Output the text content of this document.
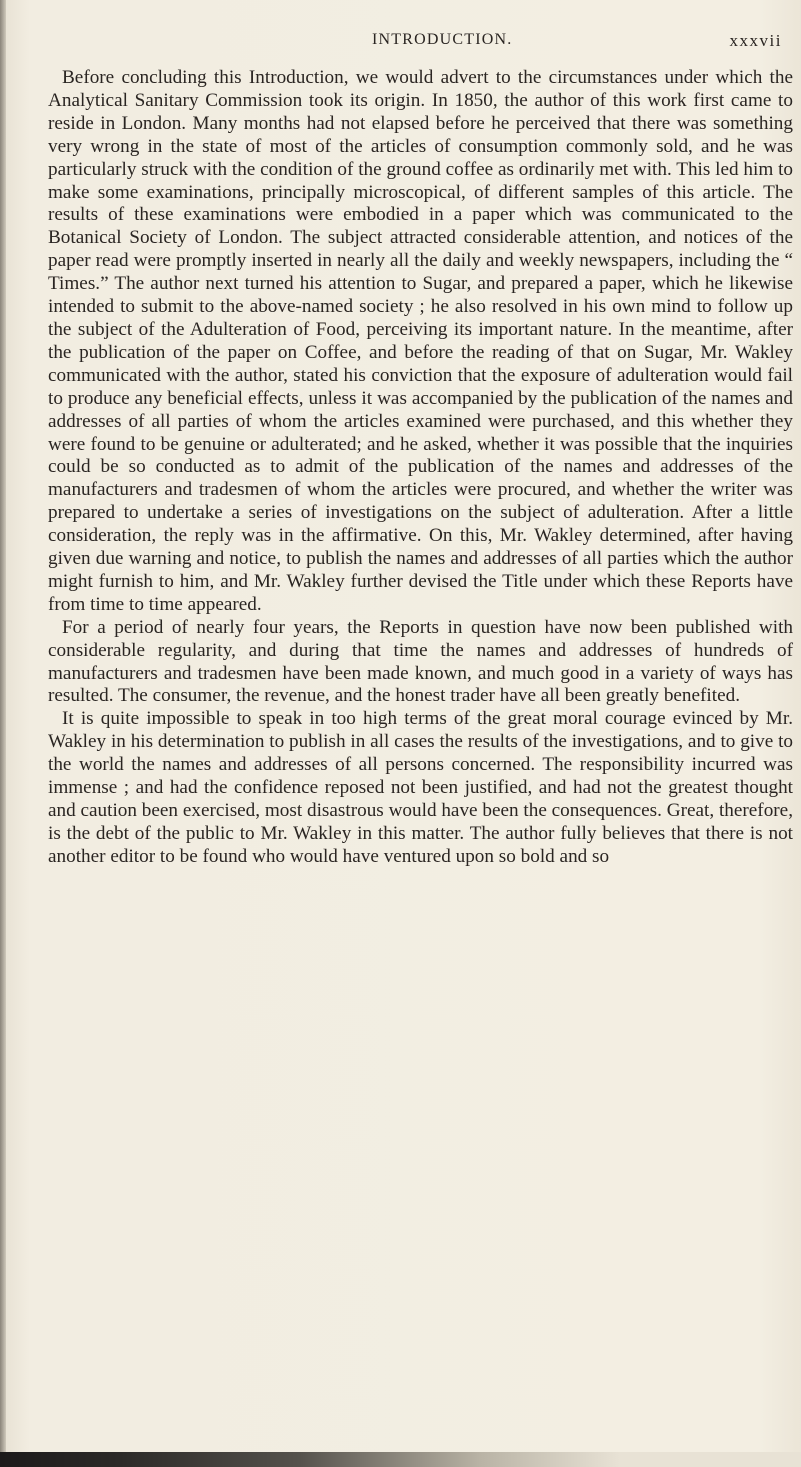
INTRODUCTION.	xxxvii

Before concluding this Introduction, we would advert to the circumstances under which the Analytical Sanitary Commission took its origin. In 1850, the author of this work first came to reside in London. Many months had not elapsed before he perceived that there was something very wrong in the state of most of the articles of consumption commonly sold, and he was particularly struck with the condition of the ground coffee as ordinarily met with. This led him to make some examinations, principally microscopical, of different samples of this article. The results of these examinations were embodied in a paper which was communicated to the Botanical Society of London. The subject attracted considerable attention, and notices of the paper read were promptly inserted in nearly all the daily and weekly newspapers, including the “ Times.” The author next turned his attention to Sugar, and prepared a paper, which he likewise intended to submit to the above-named society ; he also resolved in his own mind to follow up the subject of the Adulteration of Food, perceiving its important nature. In the meantime, after the publication of the paper on Coffee, and before the reading of that on Sugar, Mr. Wakley communicated with the author, stated his conviction that the exposure of adulteration would fail to produce any beneficial effects, unless it was accompanied by the publication of the names and addresses of all parties of whom the articles examined were purchased, and this whether they were found to be genuine or adulterated; and he asked, whether it was possible that the inquiries could be so conducted as to admit of the publication of the names and addresses of the manufacturers and tradesmen of whom the articles were procured, and whether the writer was prepared to undertake a series of investigations on the subject of adulteration. After a little consideration, the reply was in the affirmative. On this, Mr. Wakley determined, after having given due warning and notice, to publish the names and addresses of all parties which the author might furnish to him, and Mr. Wakley further devised the Title under which these Reports have from time to time appeared.

For a period of nearly four years, the Reports in question have now been published with considerable regularity, and during that time the names and addresses of hundreds of manufacturers and tradesmen have been made known, and much good in a variety of ways has resulted. The consumer, the revenue, and the honest trader have all been greatly benefited.

It is quite impossible to speak in too high terms of the great moral courage evinced by Mr. Wakley in his determination to publish in all cases the results of the investigations, and to give to the world the names and addresses of all persons concerned. The responsibility incurred was immense ; and had the confidence reposed not been justified, and had not the greatest thought and caution been exercised, most disastrous would have been the consequences. Great, therefore, is the debt of the public to Mr. Wakley in this matter. The author fully believes that there is not another editor to be found who would have ventured upon so bold and so
